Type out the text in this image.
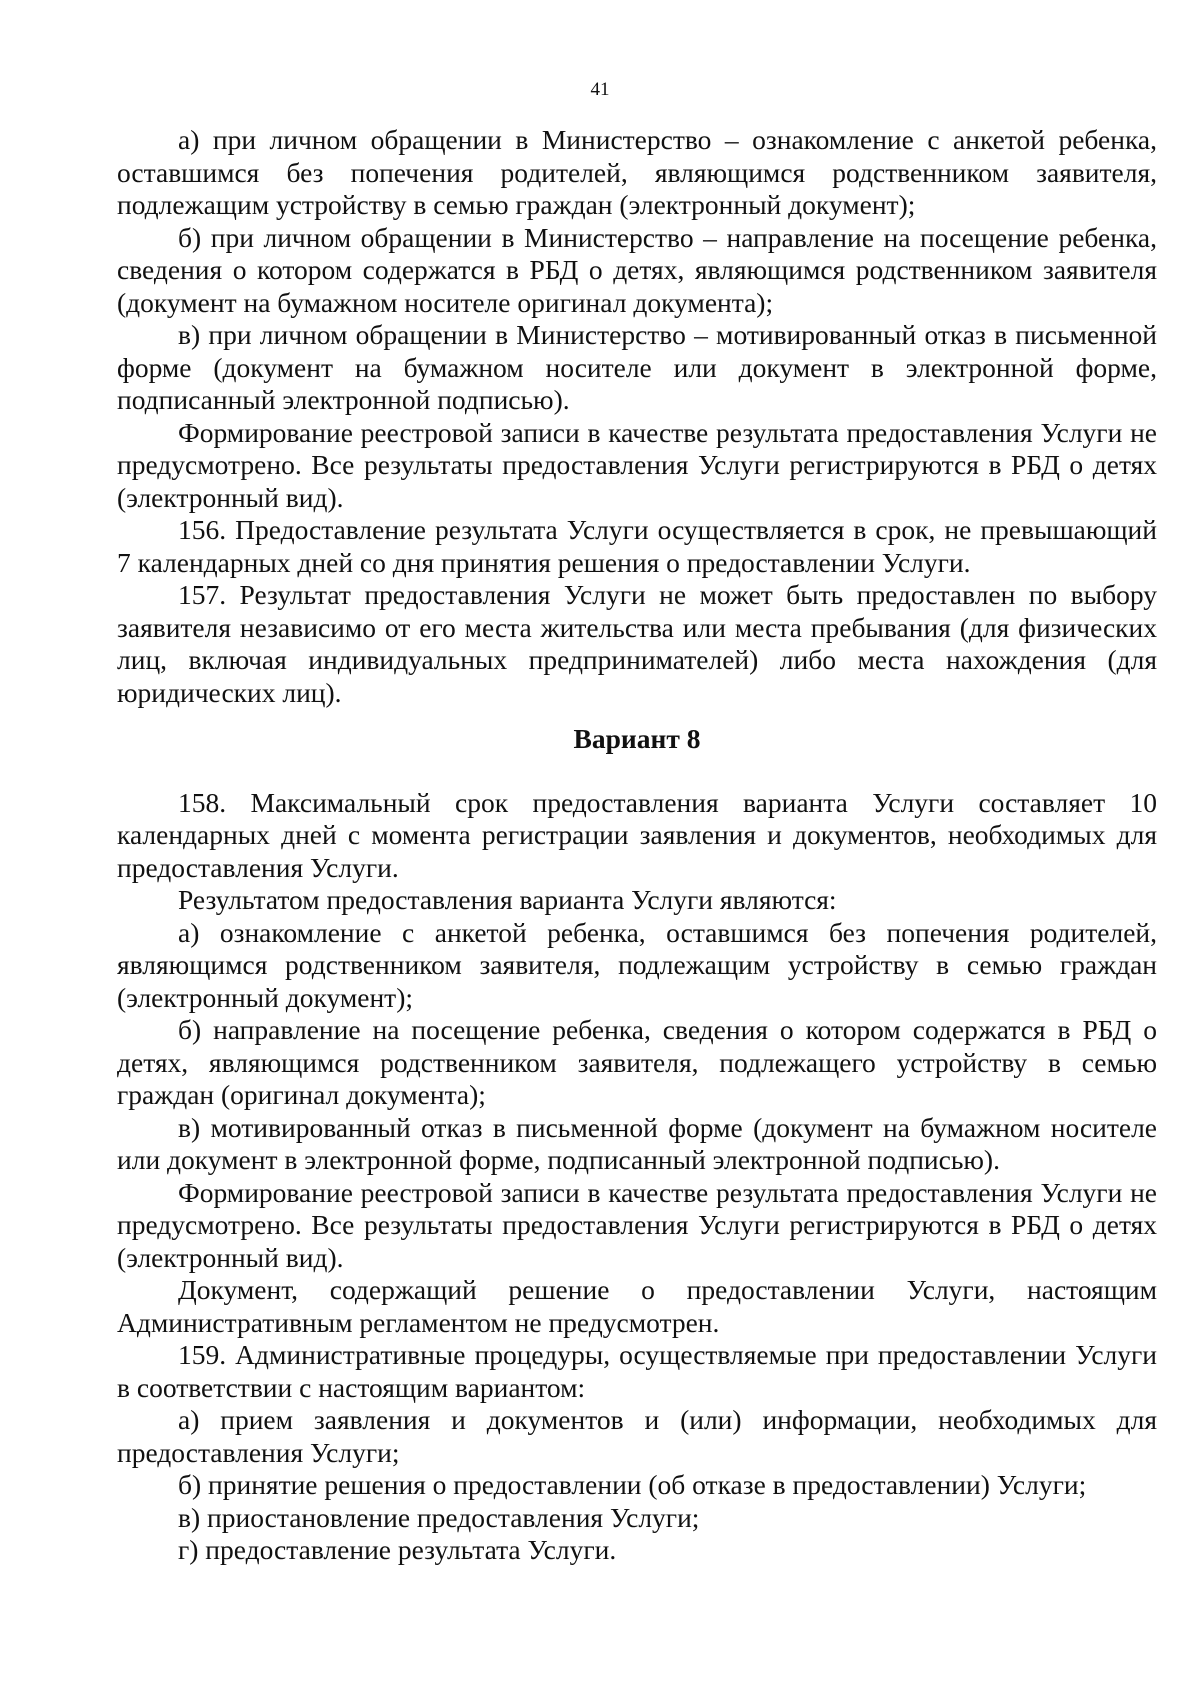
41

а) при личном обращении в Министерство – ознакомление с анкетой ребенка, оставшимся без попечения родителей, являющимся родственником заявителя, подлежащим устройству в семью граждан (электронный документ);

б) при личном обращении в Министерство – направление на посещение ребенка, сведения о котором содержатся в РБД о детях, являющимся родственником заявителя (документ на бумажном носителе оригинал документа);

в) при личном обращении в Министерство – мотивированный отказ в письменной форме (документ на бумажном носителе или документ в электронной форме, подписанный электронной подписью).

Формирование реестровой записи в качестве результата предоставления Услуги не предусмотрено. Все результаты предоставления Услуги регистрируются в РБД о детях (электронный вид).

156. Предоставление результата Услуги осуществляется в срок, не превышающий 7 календарных дней со дня принятия решения о предоставлении Услуги.

157. Результат предоставления Услуги не может быть предоставлен по выбору заявителя независимо от его места жительства или места пребывания (для физических лиц, включая индивидуальных предпринимателей) либо места нахождения (для юридических лиц).

Вариант 8

158. Максимальный срок предоставления варианта Услуги составляет 10 календарных дней с момента регистрации заявления и документов, необходимых для предоставления Услуги.

Результатом предоставления варианта Услуги являются:

а) ознакомление с анкетой ребенка, оставшимся без попечения родителей, являющимся родственником заявителя, подлежащим устройству в семью граждан (электронный документ);

б) направление на посещение ребенка, сведения о котором содержатся в РБД о детях, являющимся родственником заявителя, подлежащего устройству в семью граждан (оригинал документа);

в) мотивированный отказ в письменной форме (документ на бумажном носителе или документ в электронной форме, подписанный электронной подписью).

Формирование реестровой записи в качестве результата предоставления Услуги не предусмотрено. Все результаты предоставления Услуги регистрируются в РБД о детях (электронный вид).

Документ, содержащий решение о предоставлении Услуги, настоящим Административным регламентом не предусмотрен.

159. Административные процедуры, осуществляемые при предоставлении Услуги в соответствии с настоящим вариантом:

а) прием заявления и документов и (или) информации, необходимых для предоставления Услуги;

б) принятие решения о предоставлении (об отказе в предоставлении) Услуги;

в) приостановление предоставления Услуги;

г) предоставление результата Услуги.
